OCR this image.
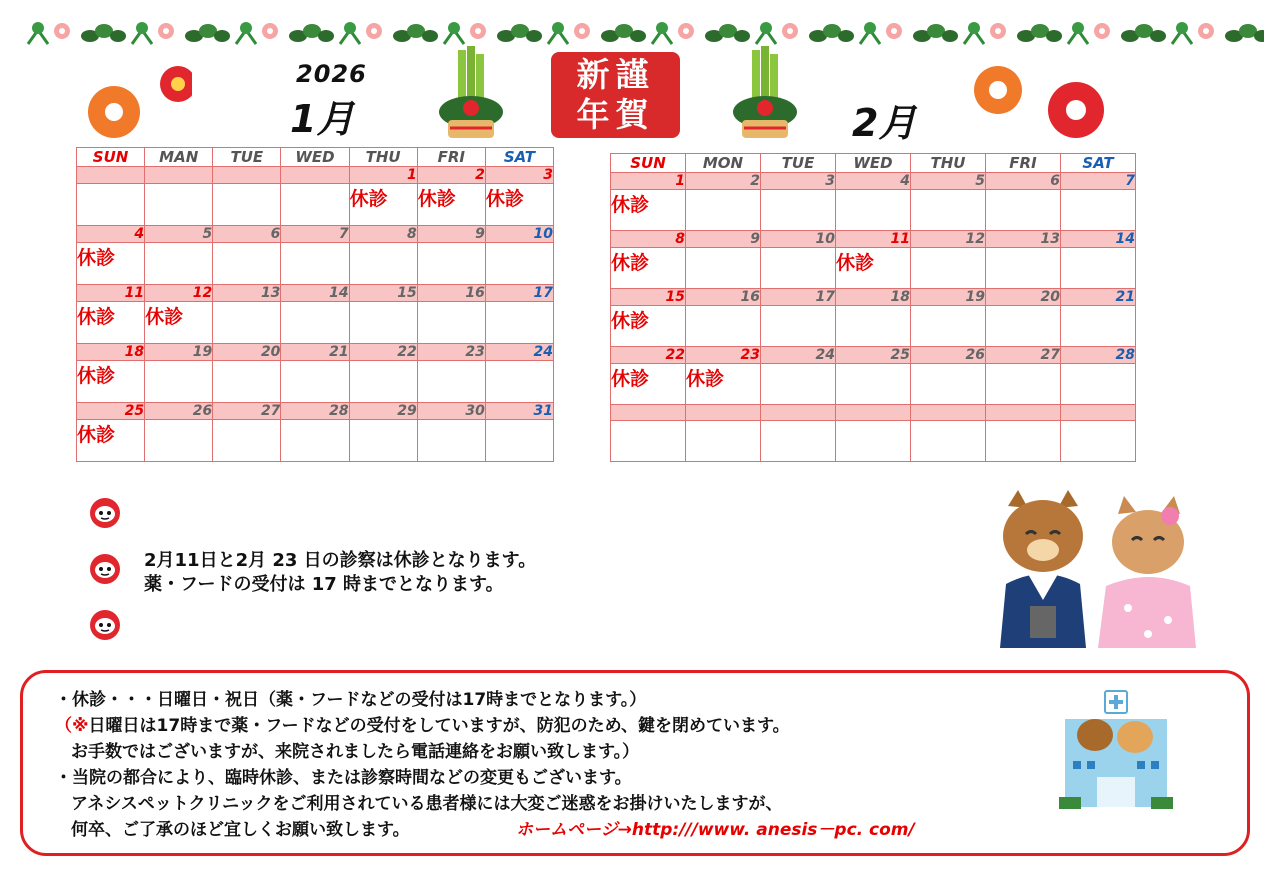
2026
1月	2月
新謹
年賀
SUN	MAN	TUE	WED	THU	FRI	SAT
				1	2	3
				休診	休診	休診
4	5	6	7	8	9	10
休診						
11	12	13	14	15	16	17
休診	休診					
18	19	20	21	22	23	24
休診						
25	26	27	28	29	30	31
休診						
SUN	MON	TUE	WED	THU	FRI	SAT
1	2	3	4	5	6	7
休診						
8	9	10	11	12	13	14
休診			休診			
15	16	17	18	19	20	21
休診						
22	23	24	25	26	27	28
休診	休診					

2月11日と2月 23 日の診察は休診となります。
薬・フードの受付は 17 時までとなります。
・休診・・・日曜日・祝日（薬・フードなどの受付は17時までとなります。）
（※日曜日は17時まで薬・フードなどの受付をしていますが、防犯のため、鍵を閉めています。
お手数ではございますが、来院されましたら電話連絡をお願い致します。）
・当院の都合により、臨時休診、または診察時間などの変更もございます。
アネシスペットクリニックをご利用されている患者様には大変ご迷惑をお掛けいたしますが、
何卒、ご了承のほど宜しくお願い致します。	ホームページ→http:///www. anesis－pc. com/
